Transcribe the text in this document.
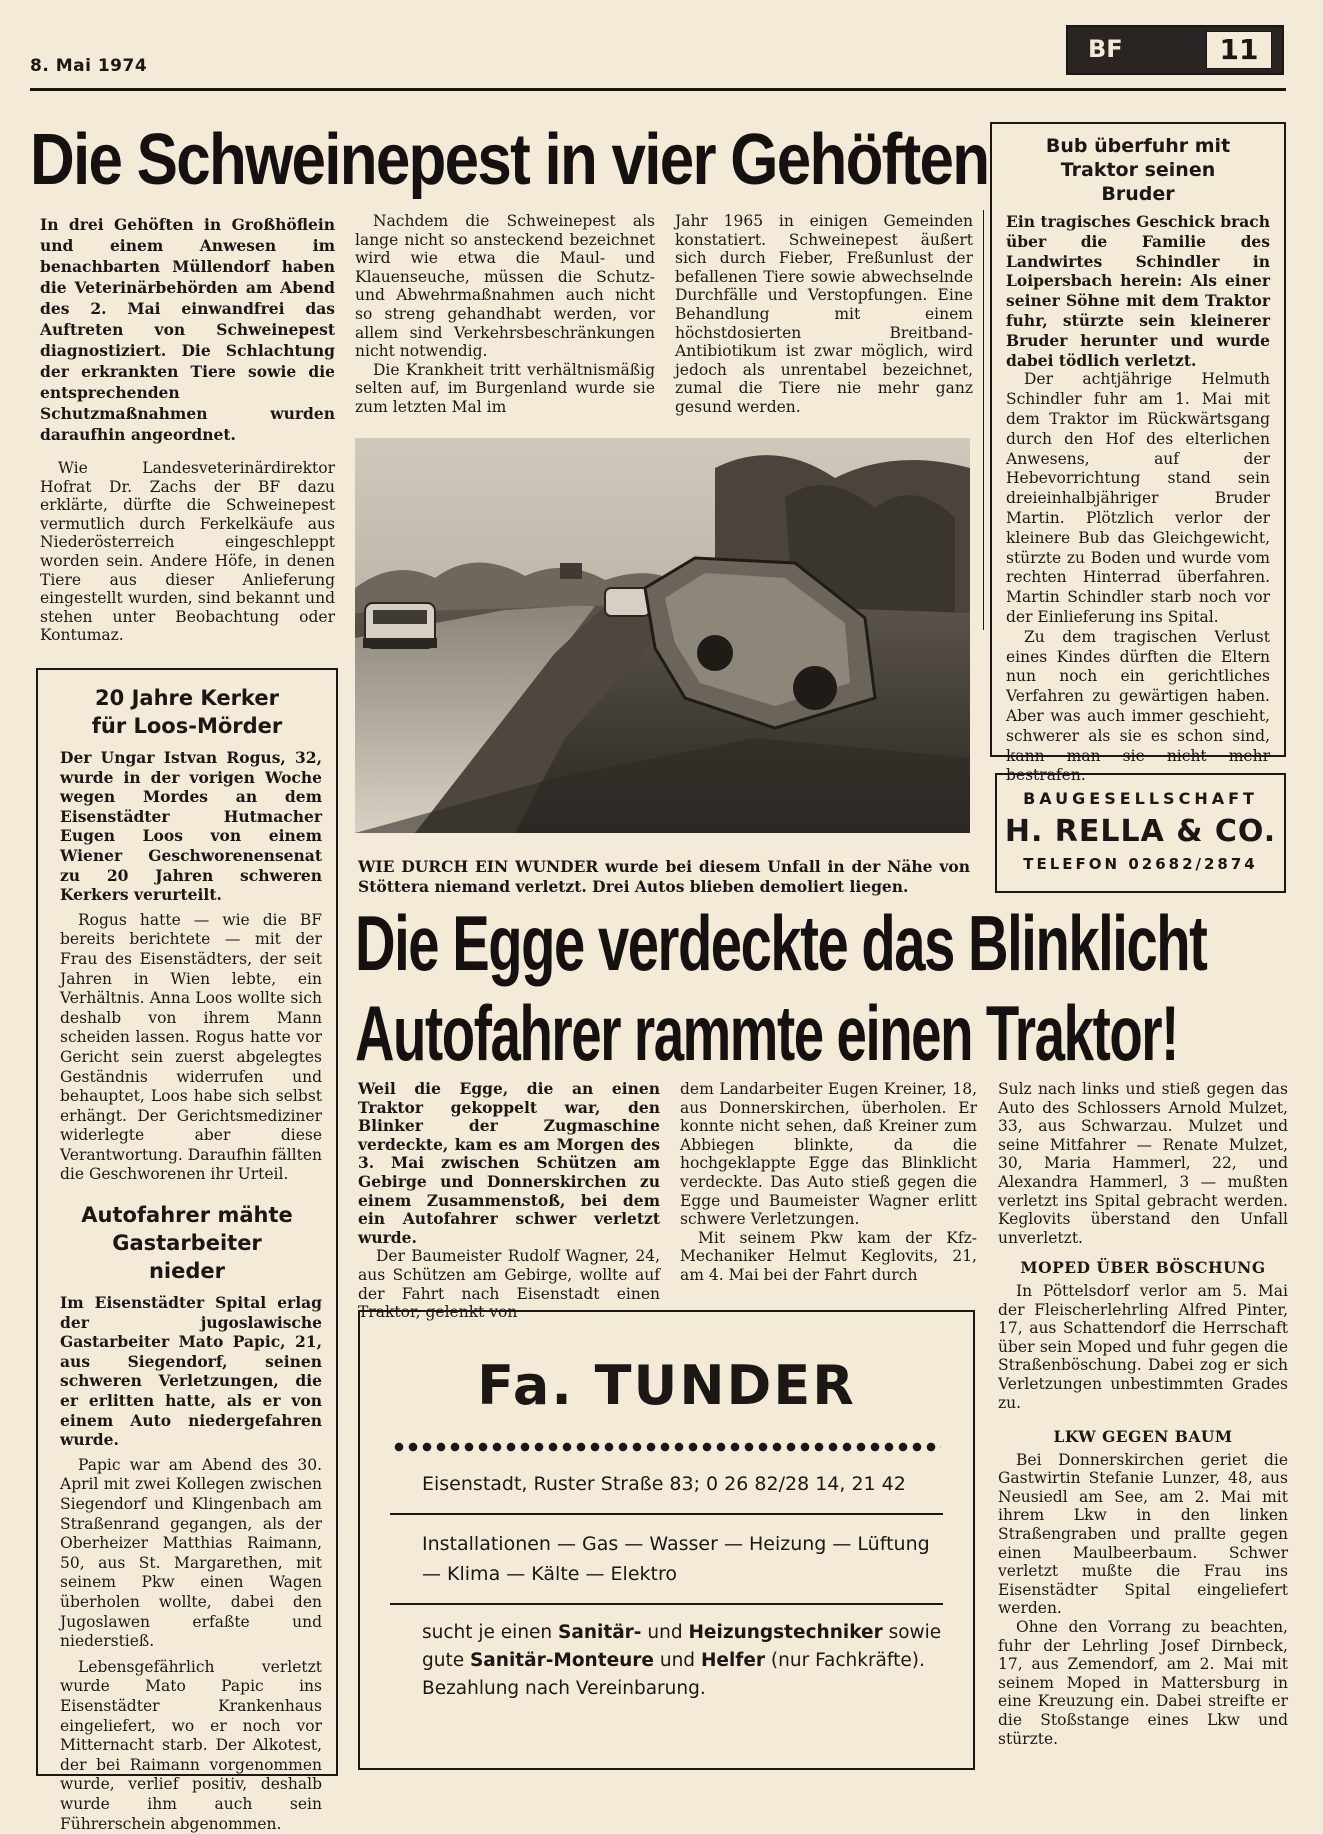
8. Mai 1974
BF	11
Die Schweinepest in vier Gehöften

In drei Gehöften in Großhöflein und einem Anwesen im benachbarten Müllendorf haben die Veterinärbehörden am Abend des 2. Mai einwandfrei das Auftreten von Schweinepest diagnostiziert. Die Schlachtung der erkrankten Tiere sowie die entsprechenden Schutzmaßnahmen wurden daraufhin angeordnet.

Wie Landesveterinärdirektor Hofrat Dr. Zachs der BF dazu erklärte, dürfte die Schweinepest vermutlich durch Ferkelkäufe aus Niederösterreich eingeschleppt worden sein. Andere Höfe, in denen Tiere aus dieser Anlieferung eingestellt wurden, sind bekannt und stehen unter Beobachtung oder Kontumaz.

Nachdem die Schweinepest als lange nicht so ansteckend bezeichnet wird wie etwa die Maul- und Klauenseuche, müssen die Schutz- und Abwehrmaßnahmen auch nicht so streng gehandhabt werden, vor allem sind Verkehrsbeschränkungen nicht notwendig.

Die Krankheit tritt verhältnismäßig selten auf, im Burgenland wurde sie zum letzten Mal im

Jahr 1965 in einigen Gemeinden konstatiert. Schweinepest äußert sich durch Fieber, Freßunlust der befallenen Tiere sowie abwechselnde Durchfälle und Verstopfungen. Eine Behandlung mit einem höchstdosierten Breitband-Antibiotikum ist zwar möglich, wird jedoch als unrentabel bezeichnet, zumal die Tiere nie mehr ganz gesund werden.

WIE DURCH EIN WUNDER wurde bei diesem Unfall in der Nähe von Stöttera niemand verletzt. Drei Autos blieben demoliert liegen.
Bub überfuhr mit Traktor seinen Bruder

Ein tragisches Geschick brach über die Familie des Landwirtes Schindler in Loipersbach herein: Als einer seiner Söhne mit dem Traktor fuhr, stürzte sein kleinerer Bruder herunter und wurde dabei tödlich verletzt.

Der achtjährige Helmuth Schindler fuhr am 1. Mai mit dem Traktor im Rückwärtsgang durch den Hof des elterlichen Anwesens, auf der Hebevorrichtung stand sein dreieinhalbjähriger Bruder Martin. Plötzlich verlor der kleinere Bub das Gleichgewicht, stürzte zu Boden und wurde vom rechten Hinterrad überfahren. Martin Schindler starb noch vor der Einlieferung ins Spital.

Zu dem tragischen Verlust eines Kindes dürften die Eltern nun noch ein gerichtliches Verfahren zu gewärtigen haben. Aber was auch immer geschieht, schwerer als sie es schon sind, kann man sie nicht mehr bestrafen.

BAUGESELLSCHAFT
H. RELLA & CO.
TELEFON 02682/2874
20 Jahre Kerker für Loos-Mörder

Der Ungar Istvan Rogus, 32, wurde in der vorigen Woche wegen Mordes an dem Eisenstädter Hutmacher Eugen Loos von einem Wiener Geschworenensenat zu 20 Jahren schweren Kerkers verurteilt.

Rogus hatte — wie die BF bereits berichtete — mit der Frau des Eisenstädters, der seit Jahren in Wien lebte, ein Verhältnis. Anna Loos wollte sich deshalb von ihrem Mann scheiden lassen. Rogus hatte vor Gericht sein zuerst abgelegtes Geständnis widerrufen und behauptet, Loos habe sich selbst erhängt. Der Gerichtsmediziner widerlegte aber diese Verantwortung. Daraufhin fällten die Geschworenen ihr Urteil.

Autofahrer mähte Gastarbeiter nieder

Im Eisenstädter Spital erlag der jugoslawische Gastarbeiter Mato Papic, 21, aus Siegendorf, seinen schweren Verletzungen, die er erlitten hatte, als er von einem Auto niedergefahren wurde.

Papic war am Abend des 30. April mit zwei Kollegen zwischen Siegendorf und Klingenbach am Straßenrand gegangen, als der Oberheizer Matthias Raimann, 50, aus St. Margarethen, mit seinem Pkw einen Wagen überholen wollte, dabei den Jugoslawen erfaßte und niederstieß.

Lebensgefährlich verletzt wurde Mato Papic ins Eisenstädter Krankenhaus eingeliefert, wo er noch vor Mitternacht starb. Der Alkotest, der bei Raimann vorgenommen wurde, verlief positiv, deshalb wurde ihm auch sein Führerschein abgenommen.

Die Egge verdeckte das Blinklicht
Autofahrer rammte einen Traktor!

Weil die Egge, die an einen Traktor gekoppelt war, den Blinker der Zugmaschine verdeckte, kam es am Morgen des 3. Mai zwischen Schützen am Gebirge und Donnerskirchen zu einem Zusammenstoß, bei dem ein Autofahrer schwer verletzt wurde.

Der Baumeister Rudolf Wagner, 24, aus Schützen am Gebirge, wollte auf der Fahrt nach Eisenstadt einen Traktor, gelenkt von

dem Landarbeiter Eugen Kreiner, 18, aus Donnerskirchen, überholen. Er konnte nicht sehen, daß Kreiner zum Abbiegen blinkte, da die hochgeklappte Egge das Blinklicht verdeckte. Das Auto stieß gegen die Egge und Baumeister Wagner erlitt schwere Verletzungen.

Mit seinem Pkw kam der Kfz-Mechaniker Helmut Keglovits, 21, am 4. Mai bei der Fahrt durch

Sulz nach links und stieß gegen das Auto des Schlossers Arnold Mulzet, 33, aus Schwarzau. Mulzet und seine Mitfahrer — Renate Mulzet, 30, Maria Hammerl, 22, und Alexandra Hammerl, 3 — mußten verletzt ins Spital gebracht werden. Keglovits überstand den Unfall unverletzt.

MOPED ÜBER BÖSCHUNG

In Pöttelsdorf verlor am 5. Mai der Fleischerlehrling Alfred Pinter, 17, aus Schattendorf die Herrschaft über sein Moped und fuhr gegen die Straßenböschung. Dabei zog er sich Verletzungen unbestimmten Grades zu.

LKW GEGEN BAUM

Bei Donnerskirchen geriet die Gastwirtin Stefanie Lunzer, 48, aus Neusiedl am See, am 2. Mai mit ihrem Lkw in den linken Straßengraben und prallte gegen einen Maulbeerbaum. Schwer verletzt mußte die Frau ins Eisenstädter Spital eingeliefert werden.

Ohne den Vorrang zu beachten, fuhr der Lehrling Josef Dirnbeck, 17, aus Zemendorf, am 2. Mai mit seinem Moped in Mattersburg in eine Kreuzung ein. Dabei streifte er die Stoßstange eines Lkw und stürzte.

Fa. TUNDER
Eisenstadt, Ruster Straße 83; 0 26 82/28 14, 21 42
Installationen — Gas — Wasser — Heizung — Lüftung — Klima — Kälte — Elektro
sucht je einen Sanitär- und Heizungstechniker sowie gute Sanitär-Monteure und Helfer (nur Fachkräfte). Bezahlung nach Vereinbarung.
